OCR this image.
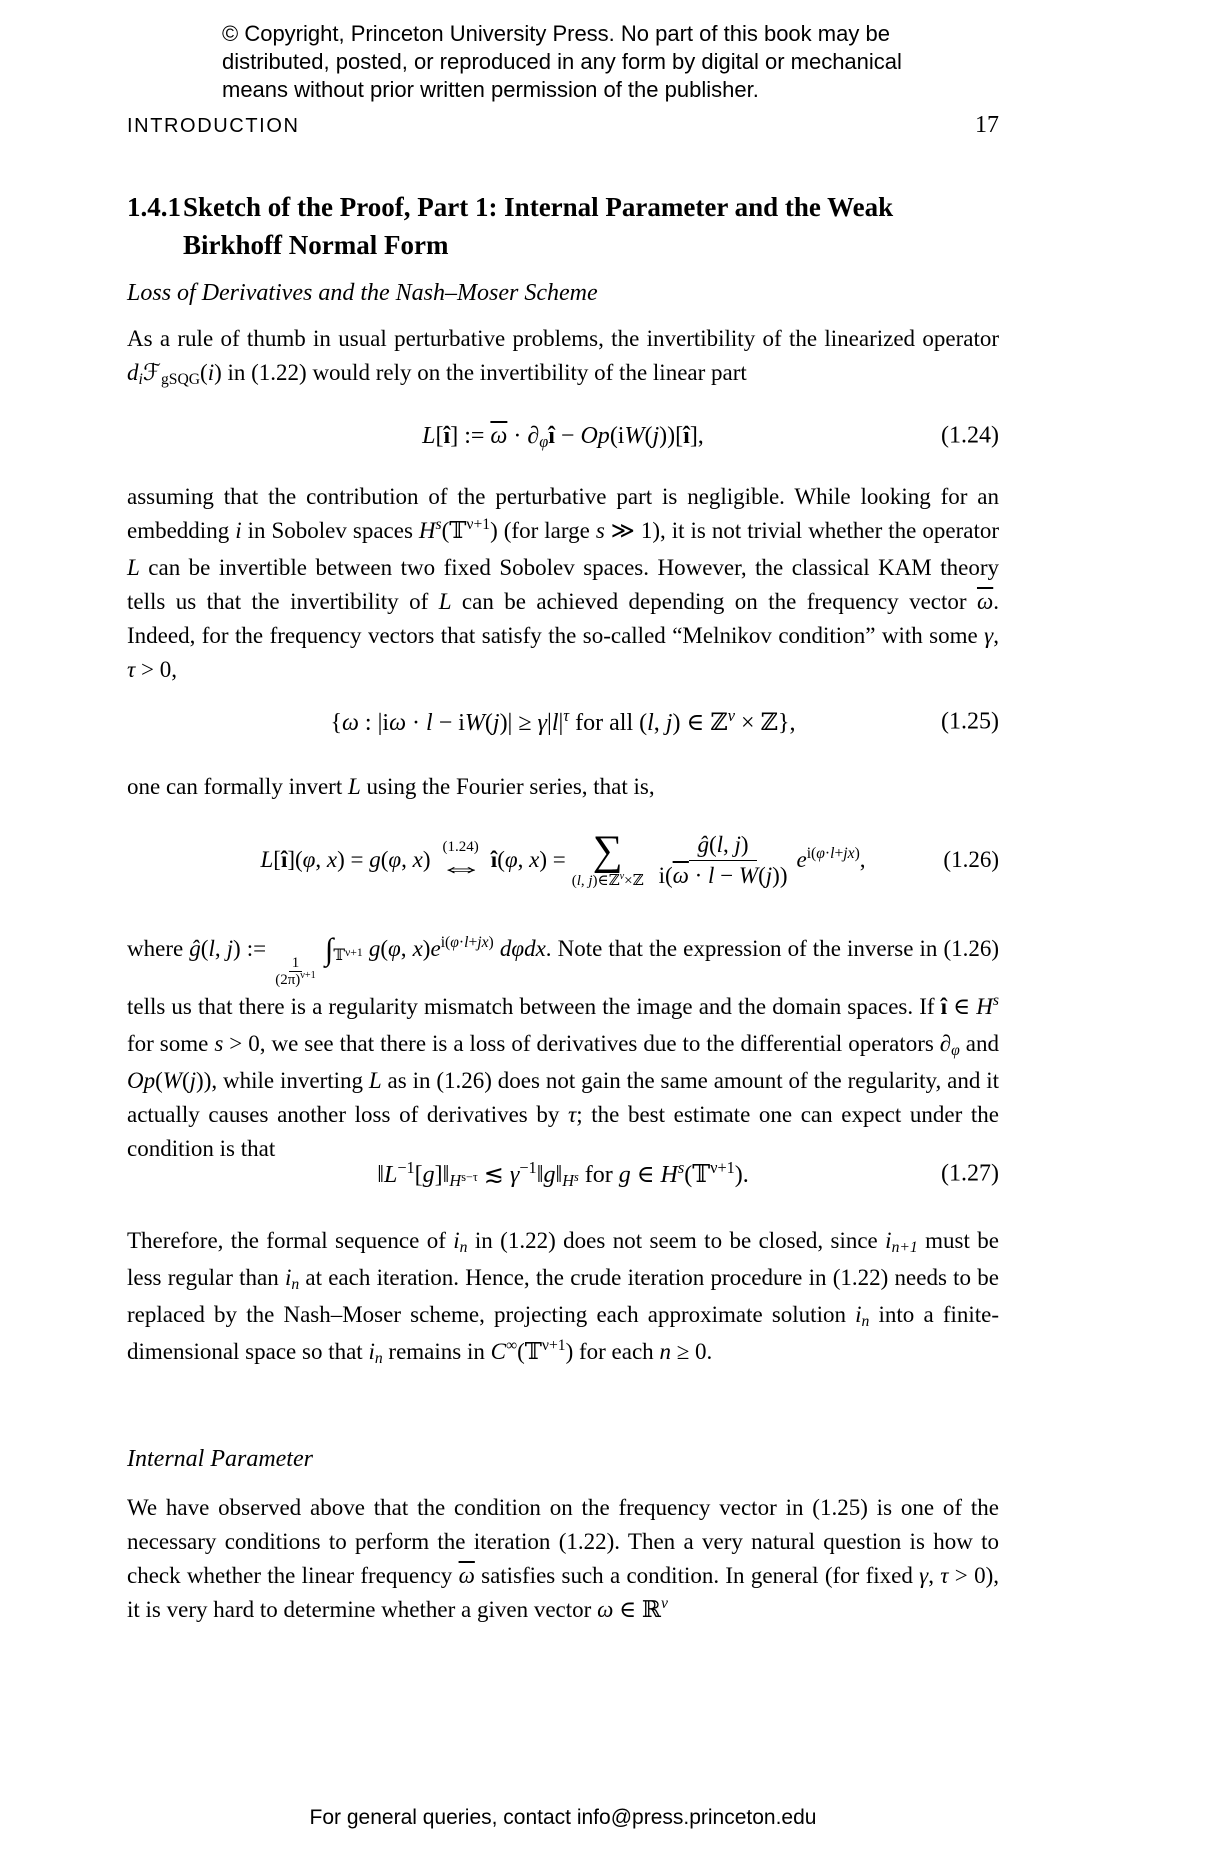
© Copyright, Princeton University Press. No part of this book may be
distributed, posted, or reproduced in any form by digital or mechanical
means without prior written permission of the publisher.
INTRODUCTION	17
1.4.1 Sketch of the Proof, Part 1: Internal Parameter and the Weak Birkhoff Normal Form
Loss of Derivatives and the Nash–Moser Scheme

As a rule of thumb in usual perturbative problems, the invertibility of the linearized operator diℱgSQG(i) in (1.22) would rely on the invertibility of the linear part

L[î] := $\overline{\omega}$ · ∂φî − Op(iW(j))[î],	(1.24)

assuming that the contribution of the perturbative part is negligible. While looking for an embedding i in Sobolev spaces $H^s(𝕋^{\nu+1})$ (for large s ≫ 1), it is not trivial whether the operator L can be invertible between two fixed Sobolev spaces. However, the classical KAM theory tells us that the invertibility of L can be achieved depending on the frequency vector $\overline{\omega}$. Indeed, for the frequency vectors that satisfy the so-called “Melnikov condition” with some γ, τ > 0,

{ω : $|i\omega \cdot l - iW(j)| \ge \gamma|l|^\tau$ for all (l, j) ∈ ℤ$^\nu$ × ℤ},	(1.25)

one can formally invert L using the Fourier series, that is,

L[î](φ, x) = g(φ, x) (1.24)
⇔ î(φ, x) = ∑
(l, j)∈ℤ$^\nu$×ℤ $\frac{ĝ(l, j)}{i(\overline{\omega} \cdot l - W(j))} e^{i(\varphi\cdot l+jx)}$,	(1.26)

where ĝ(l, j) :=
$\frac{1}{(2\pi)^{\nu+1}}$
∫𝕋$^{\nu+1}$ g(φ, $x)e^{i(\varphi\cdot l+jx)}$ dφdx. Note that the expression of the inverse in (1.26) tells us that there is a regularity mismatch between the image and the domain spaces. If î ∈ $H^s$ for some s > 0, we see that there is a loss of derivatives due to the differential operators ∂φ and Op(W(j)), while inverting L as in (1.26) does not gain the same amount of the regularity, and it actually causes another loss of derivatives by τ; the best estimate one can expect under the condition is that

$‖L^{-1}[g]‖H^{s-\tau}$ ≲ $\gamma^{-1}‖g‖H^s$ for g ∈ $H^s(𝕋^{\nu+1})$.	(1.27)

Therefore, the formal sequence of in in (1.22) does not seem to be closed, since in+1 must be less regular than in at each iteration. Hence, the crude iteration procedure in (1.22) needs to be replaced by the Nash–Moser scheme, projecting each approximate solution in into a finite-dimensional space so that in remains in C∞(𝕋$^{\nu+1}$) for each n ≥ 0.

Internal Parameter

We have observed above that the condition on the frequency vector in (1.25) is one of the necessary conditions to perform the iteration (1.22). Then a very natural question is how to check whether the linear frequency $\overline{\omega}$ satisfies such a condition. In general (for fixed γ, τ > 0), it is very hard to determine whether a given vector ω ∈ ℝ$^\nu$

For general queries, contact info@press.princeton.edu
